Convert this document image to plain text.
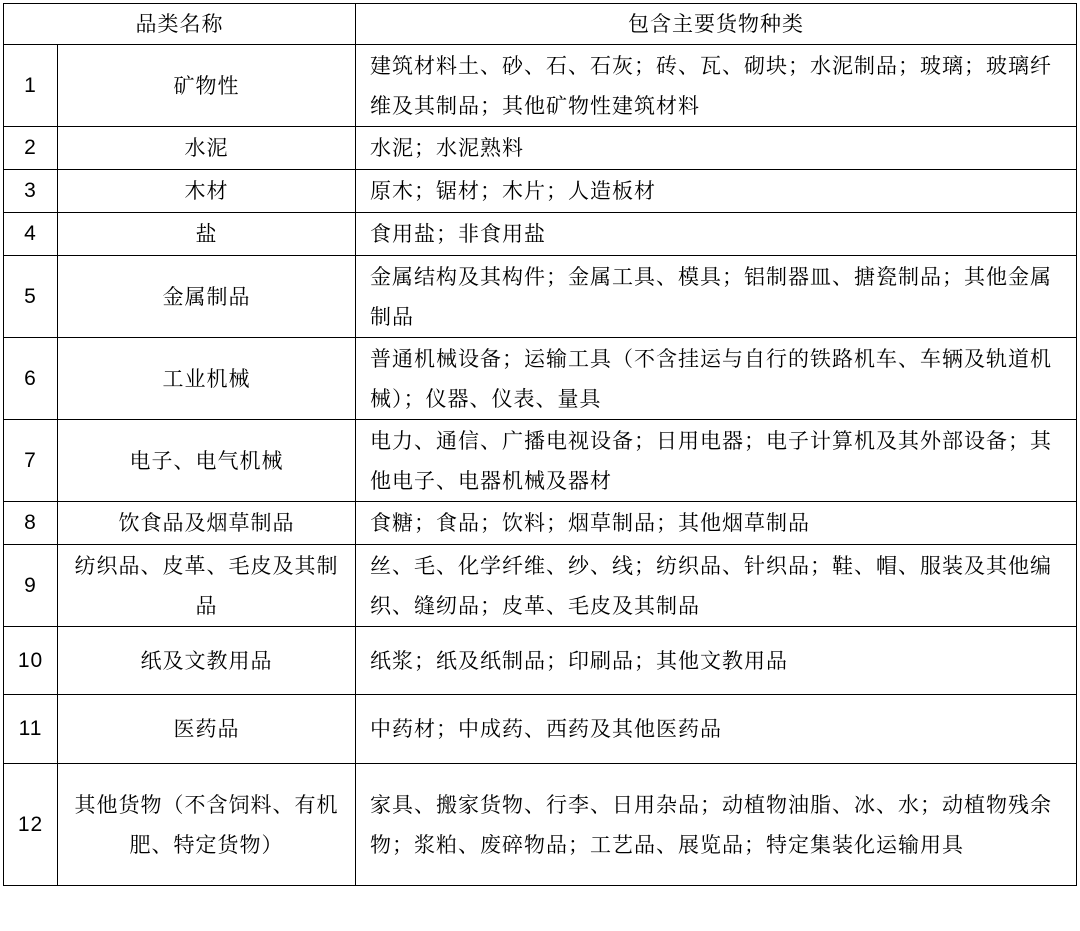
品类名称		包含主要货物种类
1	矿物性	建筑材料土、砂、石、石灰；砖、瓦、砌块；水泥制品；玻璃；玻璃纤维及其制品；其他矿物性建筑材料
2	水泥	水泥；水泥熟料
3	木材	原木；锯材；木片；人造板材
4	盐	食用盐；非食用盐
5	金属制品	金属结构及其构件；金属工具、模具；铝制器皿、搪瓷制品；其他金属制品
6	工业机械	普通机械设备；运输工具（不含挂运与自行的铁路机车、车辆及轨道机械）；仪器、仪表、量具
7	电子、电气机械	电力、通信、广播电视设备；日用电器；电子计算机及其外部设备；其他电子、电器机械及器材
8	饮食品及烟草制品	食糖；食品；饮料；烟草制品；其他烟草制品
9	纺织品、皮革、毛皮及其制品	丝、毛、化学纤维、纱、线；纺织品、针织品；鞋、帽、服装及其他编织、缝纫品；皮革、毛皮及其制品
10	纸及文教用品	纸浆；纸及纸制品；印刷品；其他文教用品
11	医药品	中药材；中成药、西药及其他医药品
12	其他货物（不含饲料、有机肥、特定货物）	家具、搬家货物、行李、日用杂品；动植物油脂、冰、水；动植物残余物；浆粕、废碎物品；工艺品、展览品；特定集装化运输用具
